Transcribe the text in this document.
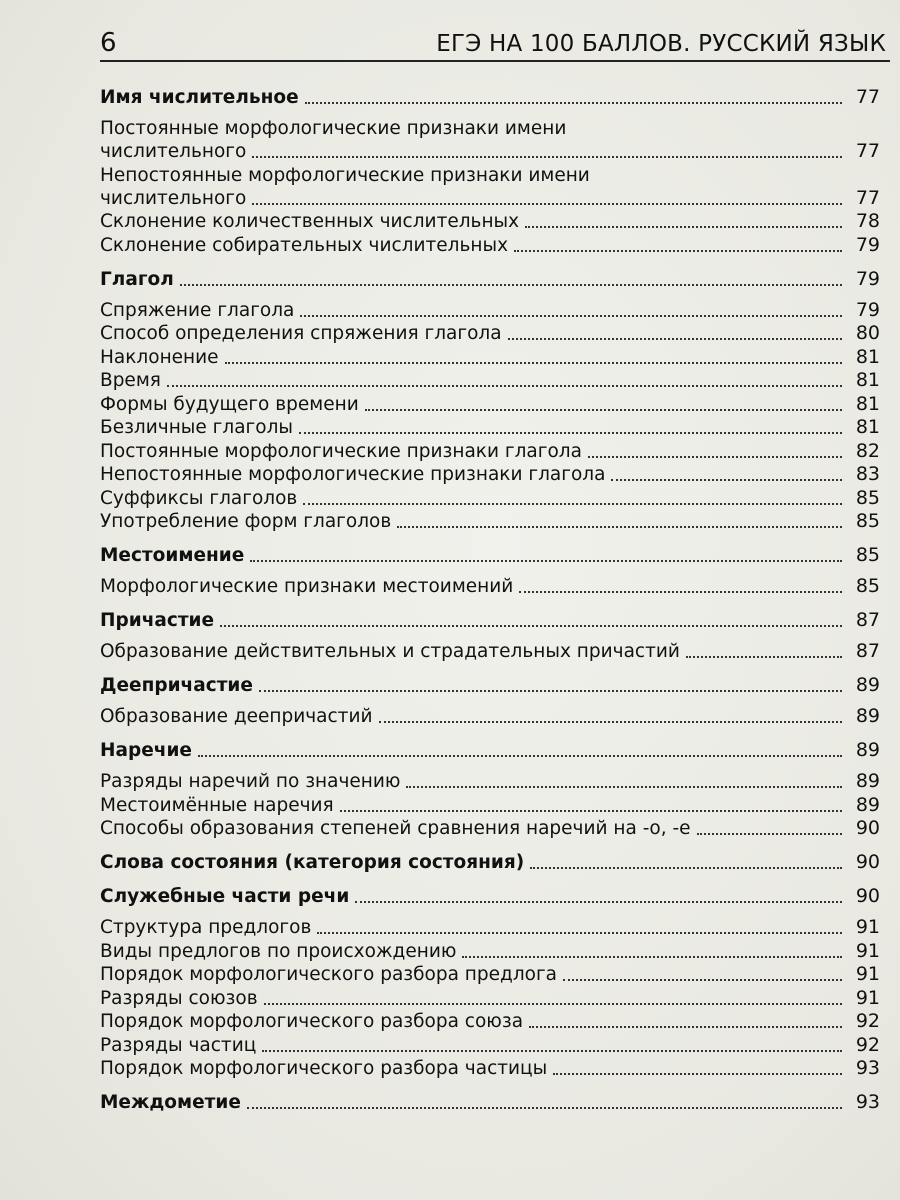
6	ЕГЭ НА 100 БАЛЛОВ. РУССКИЙ ЯЗЫК
Имя числительное	77
Постоянные морфологические признаки имени
числительного	77
Непостоянные морфологические признаки имени
числительного	77
Склонение количественных числительных	78
Склонение собирательных числительных	79
Глагол	79
Спряжение глагола	79
Способ определения спряжения глагола	80
Наклонение	81
Время	81
Формы будущего времени	81
Безличные глаголы	81
Постоянные морфологические признаки глагола	82
Непостоянные морфологические признаки глагола	83
Суффиксы глаголов	85
Употребление форм глаголов	85
Местоимение	85
Морфологические признаки местоимений	85
Причастие	87
Образование действительных и страдательных причастий	87
Деепричастие	89
Образование деепричастий	89
Наречие	89
Разряды наречий по значению	89
Местоимённые наречия	89
Способы образования степеней сравнения наречий на -о, -е	90
Слова состояния (категория состояния)	90
Служебные части речи	90
Структура предлогов	91
Виды предлогов по происхождению	91
Порядок морфологического разбора предлога	91
Разряды союзов	91
Порядок морфологического разбора союза	92
Разряды частиц	92
Порядок морфологического разбора частицы	93
Междометие	93
